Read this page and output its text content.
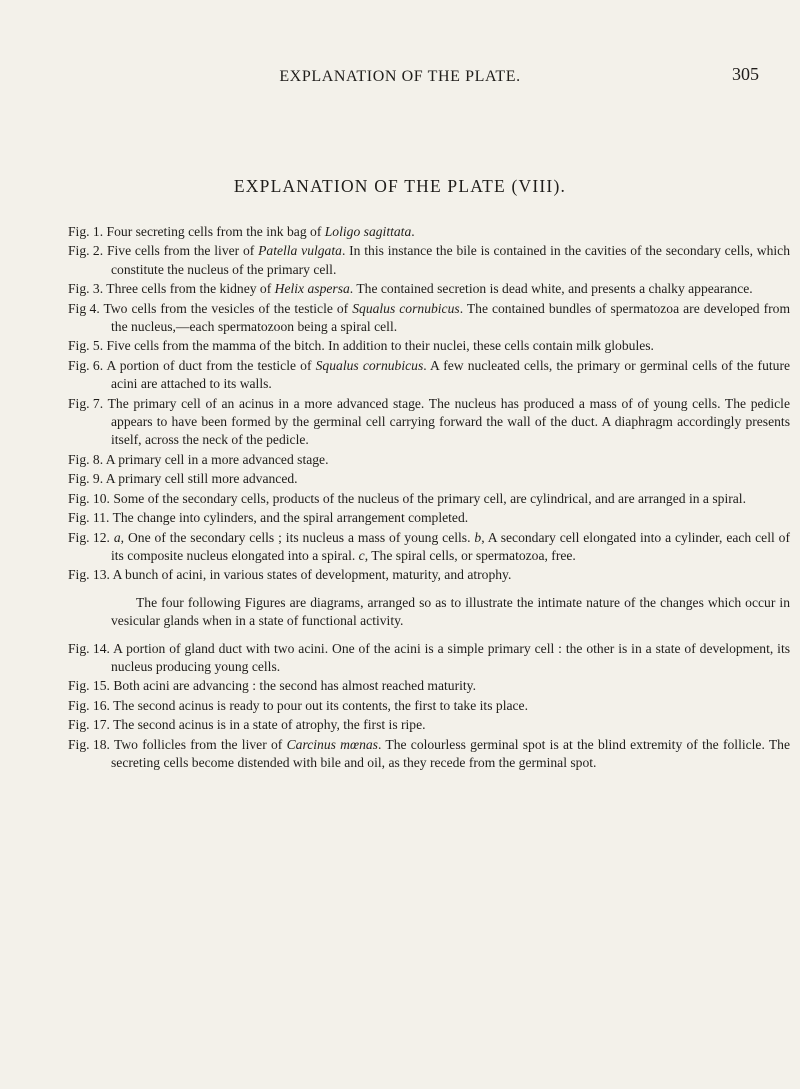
EXPLANATION OF THE PLATE.	305
EXPLANATION OF THE PLATE (VIII).

Fig. 1. Four secreting cells from the ink bag of Loligo sagittata.

Fig. 2. Five cells from the liver of Patella vulgata. In this instance the bile is contained in the cavities of the secondary cells, which constitute the nucleus of the primary cell.

Fig. 3. Three cells from the kidney of Helix aspersa. The contained secretion is dead white, and presents a chalky appearance.

Fig 4. Two cells from the vesicles of the testicle of Squalus cornubicus. The contained bundles of spermatozoa are developed from the nucleus,—each spermatozoon being a spiral cell.

Fig. 5. Five cells from the mamma of the bitch. In addition to their nuclei, these cells contain milk globules.

Fig. 6. A portion of duct from the testicle of Squalus cornubicus. A few nucleated cells, the primary or germinal cells of the future acini are attached to its walls.

Fig. 7. The primary cell of an acinus in a more advanced stage. The nucleus has produced a mass of of young cells. The pedicle appears to have been formed by the germinal cell carrying forward the wall of the duct. A diaphragm accordingly presents itself, across the neck of the pedicle.

Fig. 8. A primary cell in a more advanced stage.

Fig. 9. A primary cell still more advanced.

Fig. 10. Some of the secondary cells, products of the nucleus of the primary cell, are cylindrical, and are arranged in a spiral.

Fig. 11. The change into cylinders, and the spiral arrangement completed.

Fig. 12. a, One of the secondary cells ; its nucleus a mass of young cells. b, A secondary cell elongated into a cylinder, each cell of its composite nucleus elongated into a spiral. c, The spiral cells, or spermatozoa, free.

Fig. 13. A bunch of acini, in various states of development, maturity, and atrophy.

The four following Figures are diagrams, arranged so as to illustrate the intimate nature of the changes which occur in vesicular glands when in a state of functional activity.

Fig. 14. A portion of gland duct with two acini. One of the acini is a simple primary cell : the other is in a state of development, its nucleus producing young cells.

Fig. 15. Both acini are advancing : the second has almost reached maturity.

Fig. 16. The second acinus is ready to pour out its contents, the first to take its place.

Fig. 17. The second acinus is in a state of atrophy, the first is ripe.

Fig. 18. Two follicles from the liver of Carcinus mœnas. The colourless germinal spot is at the blind extremity of the follicle. The secreting cells become distended with bile and oil, as they recede from the germinal spot.
